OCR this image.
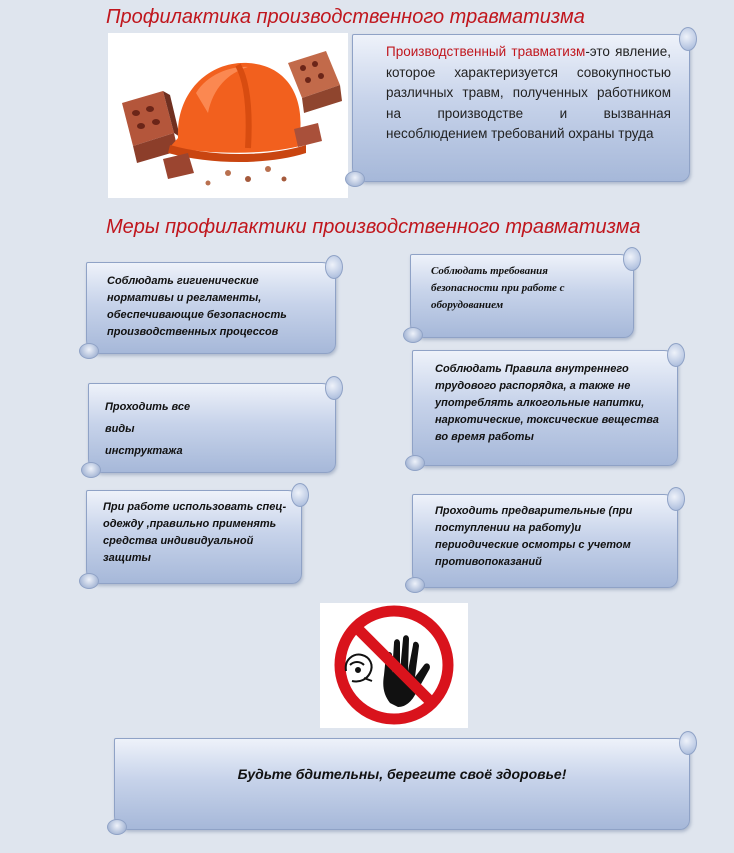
Профилактика производственного травматизма
Производственный травматизм-это явление, которое характеризуется совокупностью различных травм, полученных работником на производстве и вызванная несоблюдением требований охраны труда
Меры профилактики производственного травматизма
Соблюдать гигиенические нормативы и регламенты, обеспечивающие безопасность производственных процессов
Соблюдать требования безопасности при работе с оборудованием
Проходить все виды инструктажа
Соблюдать Правила внутреннего трудового распорядка, а также не употреблять алкогольные напитки, наркотические, токсические вещества во время работы
При работе использовать спец-одежду ,правильно применять средства индивидуальной защиты
Проходить предварительные (при поступлении на работу)и периодические осмотры с учетом противопоказаний
Будьте бдительны, берегите своё здоровье!
